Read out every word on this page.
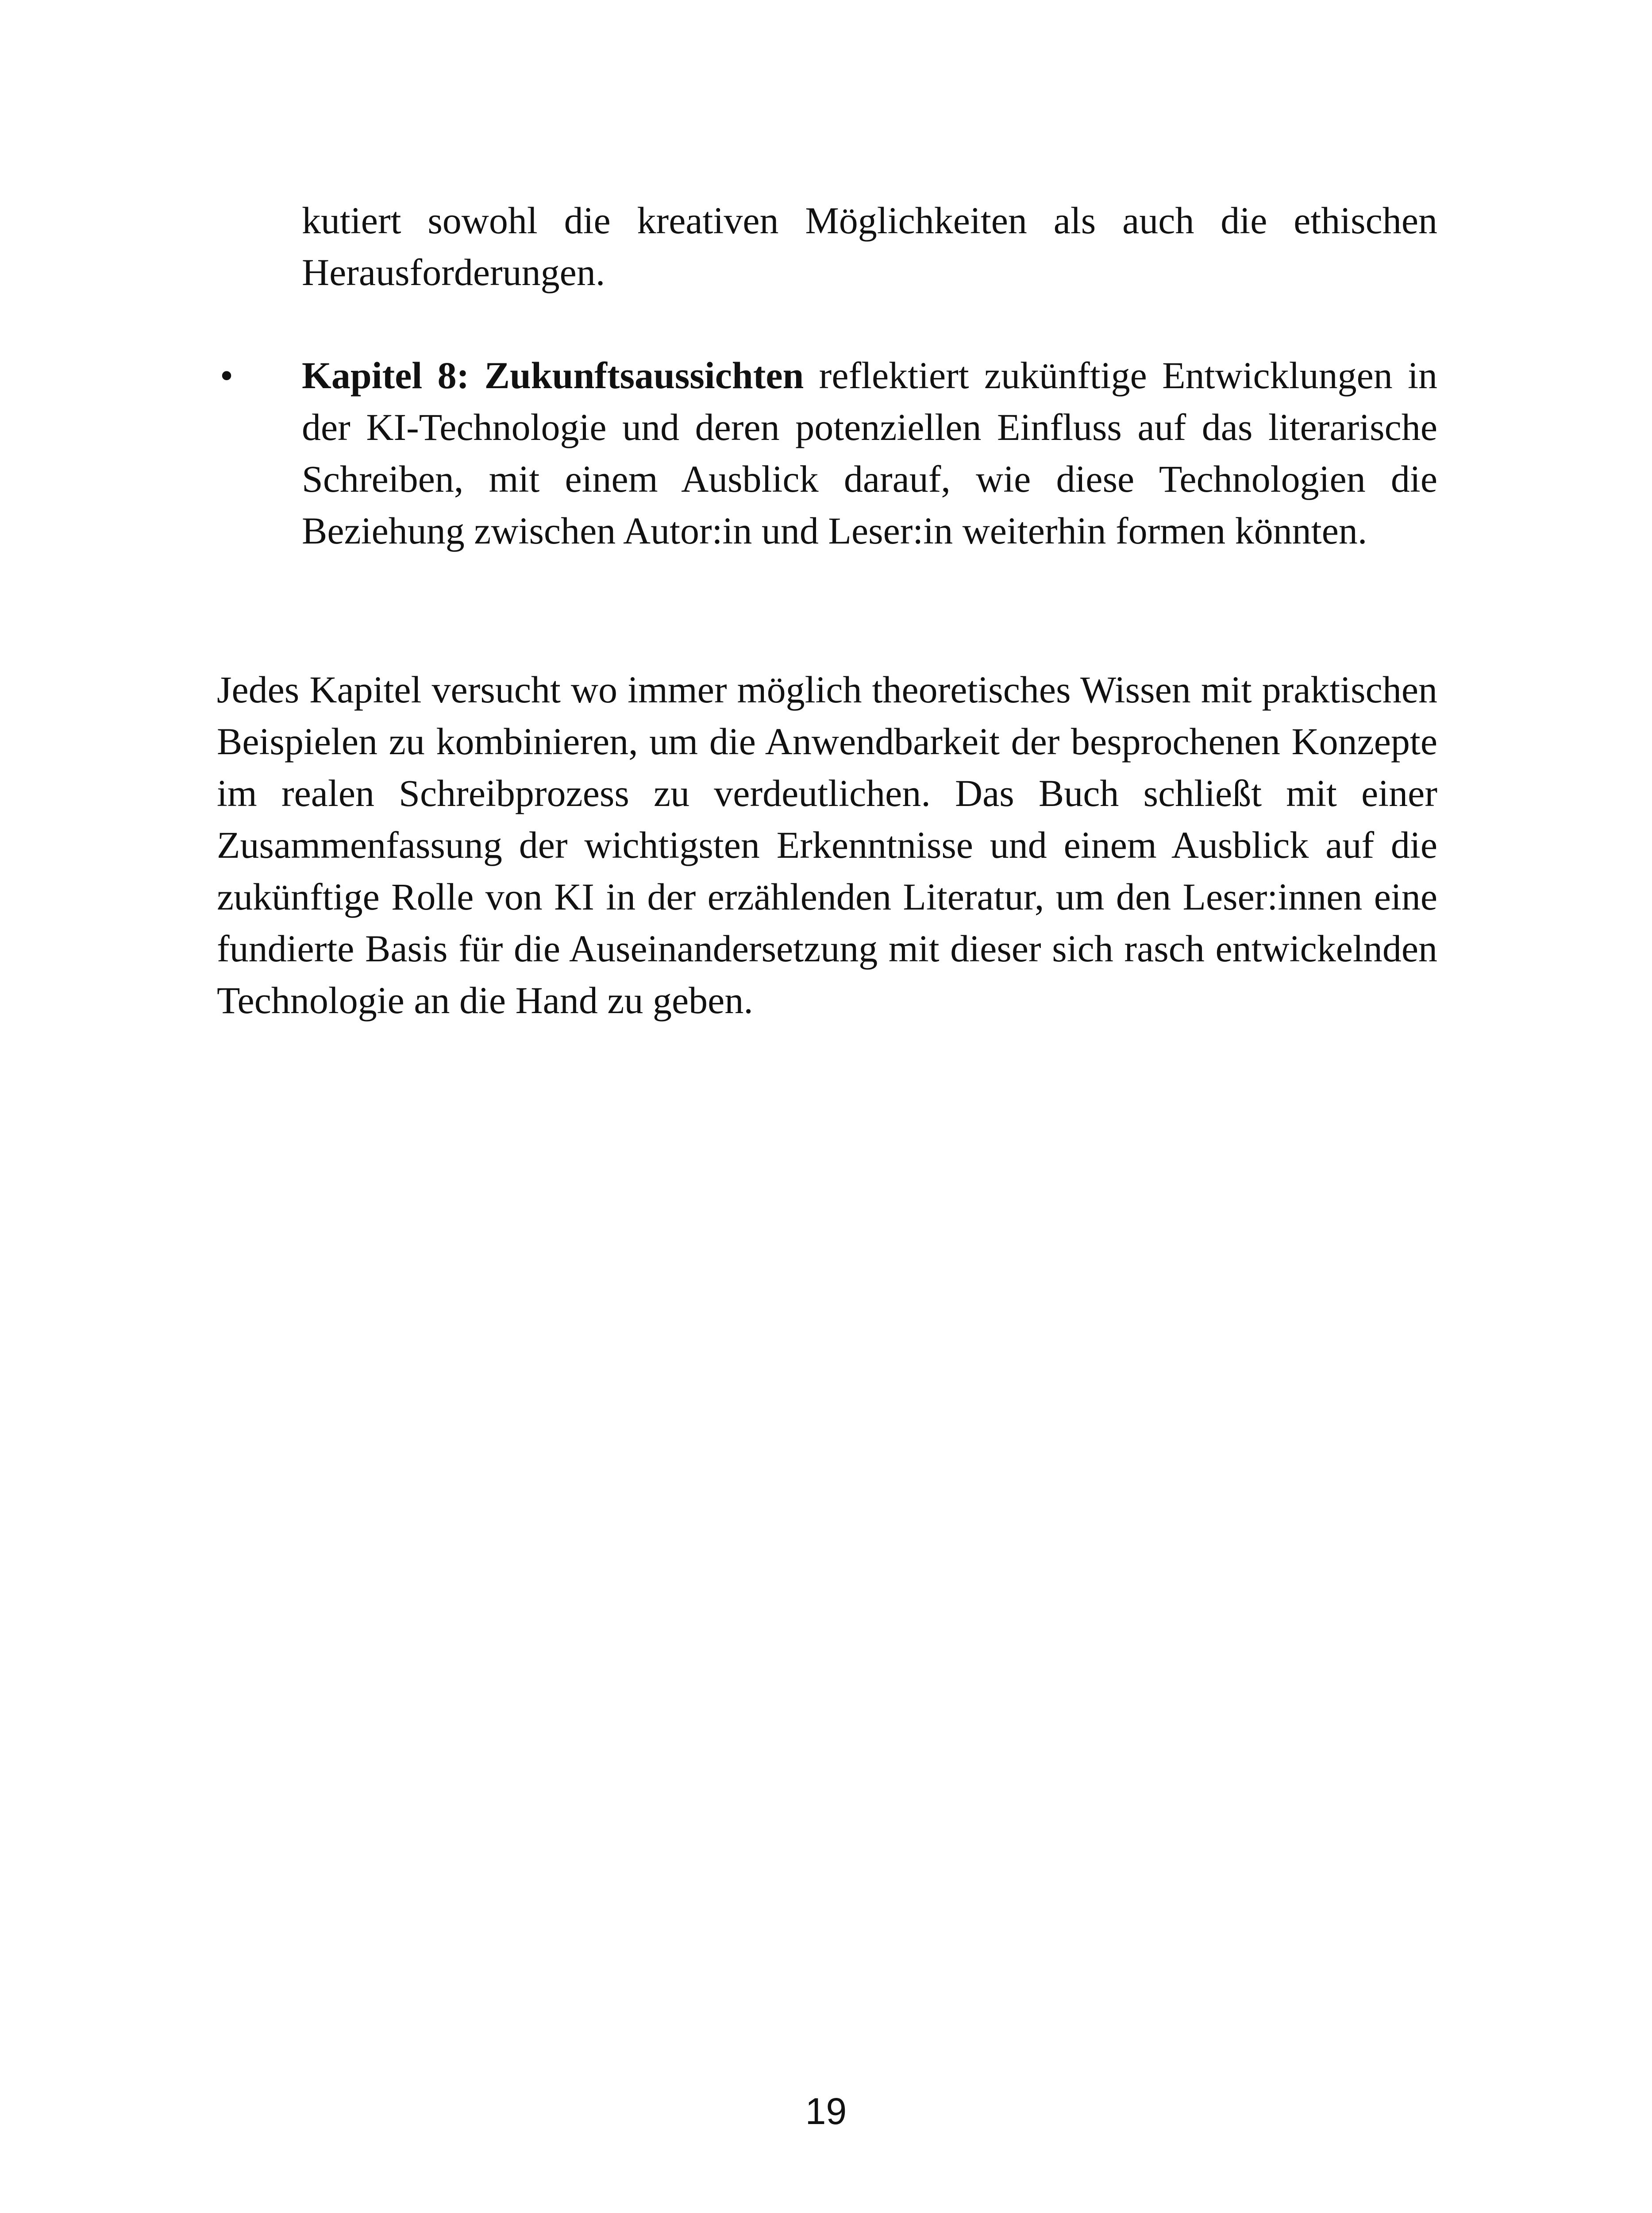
kutiert sowohl die kreativen Möglichkeiten als auch die ethischen Herausforderungen.

• Kapitel 8: Zukunftsaussichten reflektiert zukünftige Entwicklungen in der KI-Technologie und deren potenziellen Einfluss auf das literarische Schreiben, mit einem Ausblick darauf, wie diese Technologien die Beziehung zwischen Autor:in und Leser:in weiterhin formen könnten.

Jedes Kapitel versucht wo immer möglich theoretisches Wissen mit praktischen Beispielen zu kombinieren, um die Anwendbarkeit der besprochenen Konzepte im realen Schreibprozess zu verdeutlichen. Das Buch schließt mit einer Zusammenfassung der wichtigsten Erkenntnisse und einem Ausblick auf die zukünftige Rolle von KI in der erzählenden Literatur, um den Leser:innen eine fundierte Basis für die Auseinandersetzung mit dieser sich rasch entwickelnden Technologie an die Hand zu geben.

19
